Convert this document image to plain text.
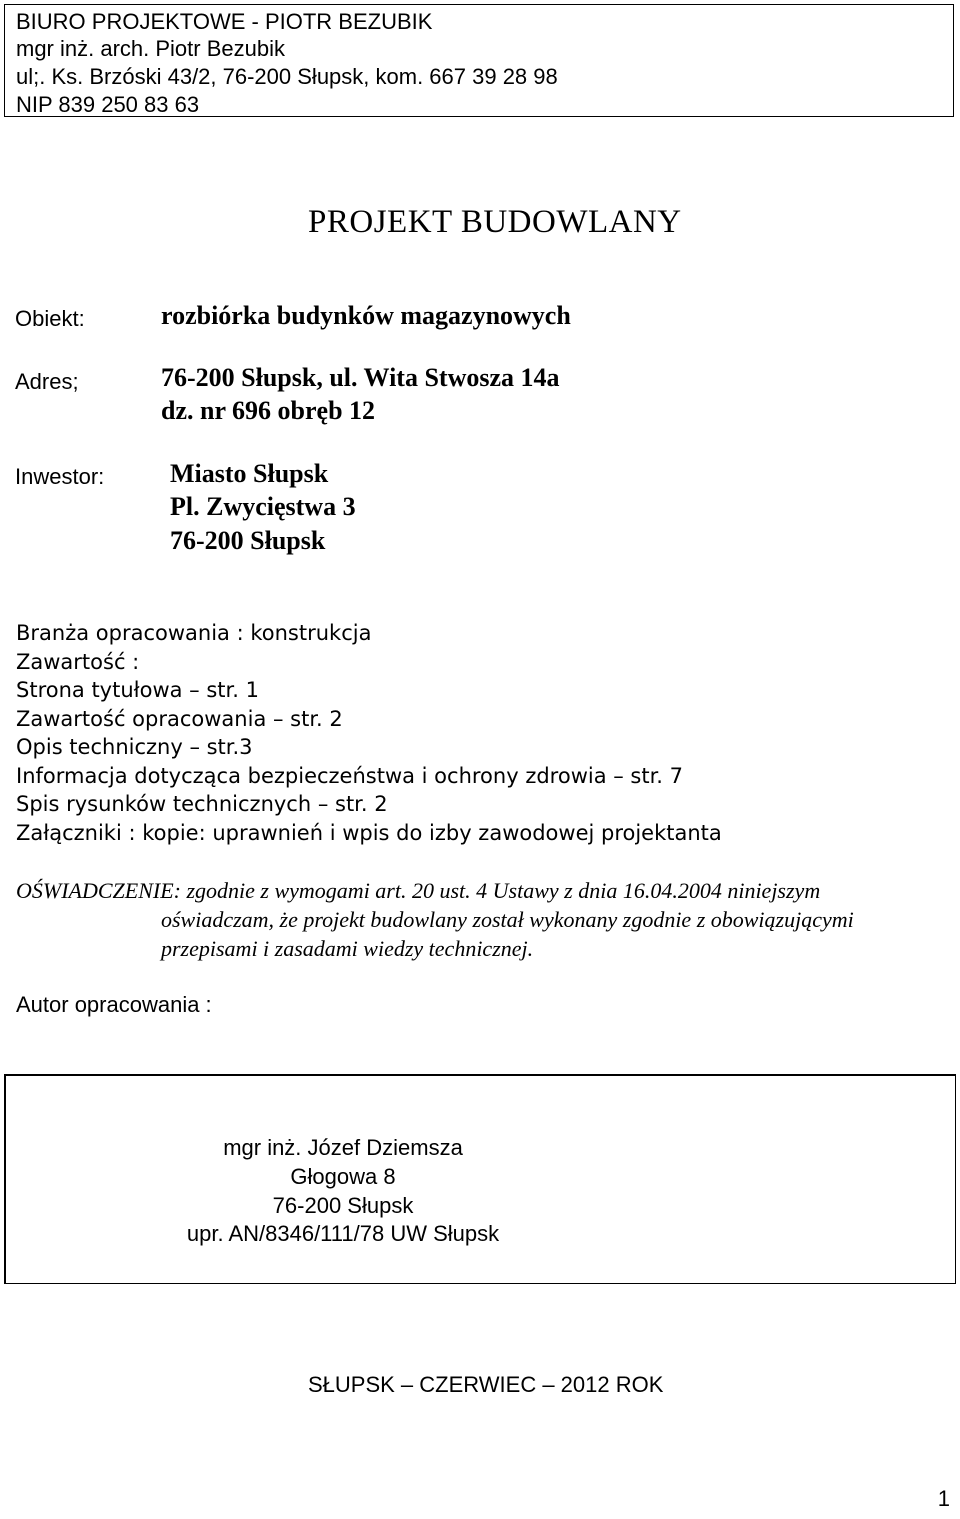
BIURO PROJEKTOWE - PIOTR BEZUBIK
mgr inż. arch. Piotr Bezubik
ul;. Ks. Brzóski 43/2, 76-200 Słupsk, kom. 667 39 28 98
NIP 839 250 83 63
PROJEKT BUDOWLANY
Obiekt:	rozbiórka budynków magazynowych
Adres;	76-200 Słupsk, ul. Wita Stwosza 14a
dz. nr 696 obręb 12
Inwestor:	Miasto Słupsk
Pl. Zwycięstwa 3
76-200 Słupsk
Branża opracowania : konstrukcja
Zawartość :
Strona tytułowa – str. 1
Zawartość opracowania – str. 2
Opis techniczny – str.3
Informacja dotycząca bezpieczeństwa i ochrony zdrowia – str. 7
Spis rysunków technicznych – str. 2
Załączniki : kopie: uprawnień i wpis do izby zawodowej projektanta
OŚWIADCZENIE: zgodnie z wymogami art. 20 ust. 4 Ustawy z dnia 16.04.2004 niniejszym
oświadczam, że projekt budowlany został wykonany zgodnie z obowiązującymi
przepisami i zasadami wiedzy technicznej.
Autor opracowania :
mgr inż. Józef Dziemsza
Głogowa 8
76-200 Słupsk
upr. AN/8346/111/78 UW Słupsk
SŁUPSK – CZERWIEC – 2012 ROK
1
